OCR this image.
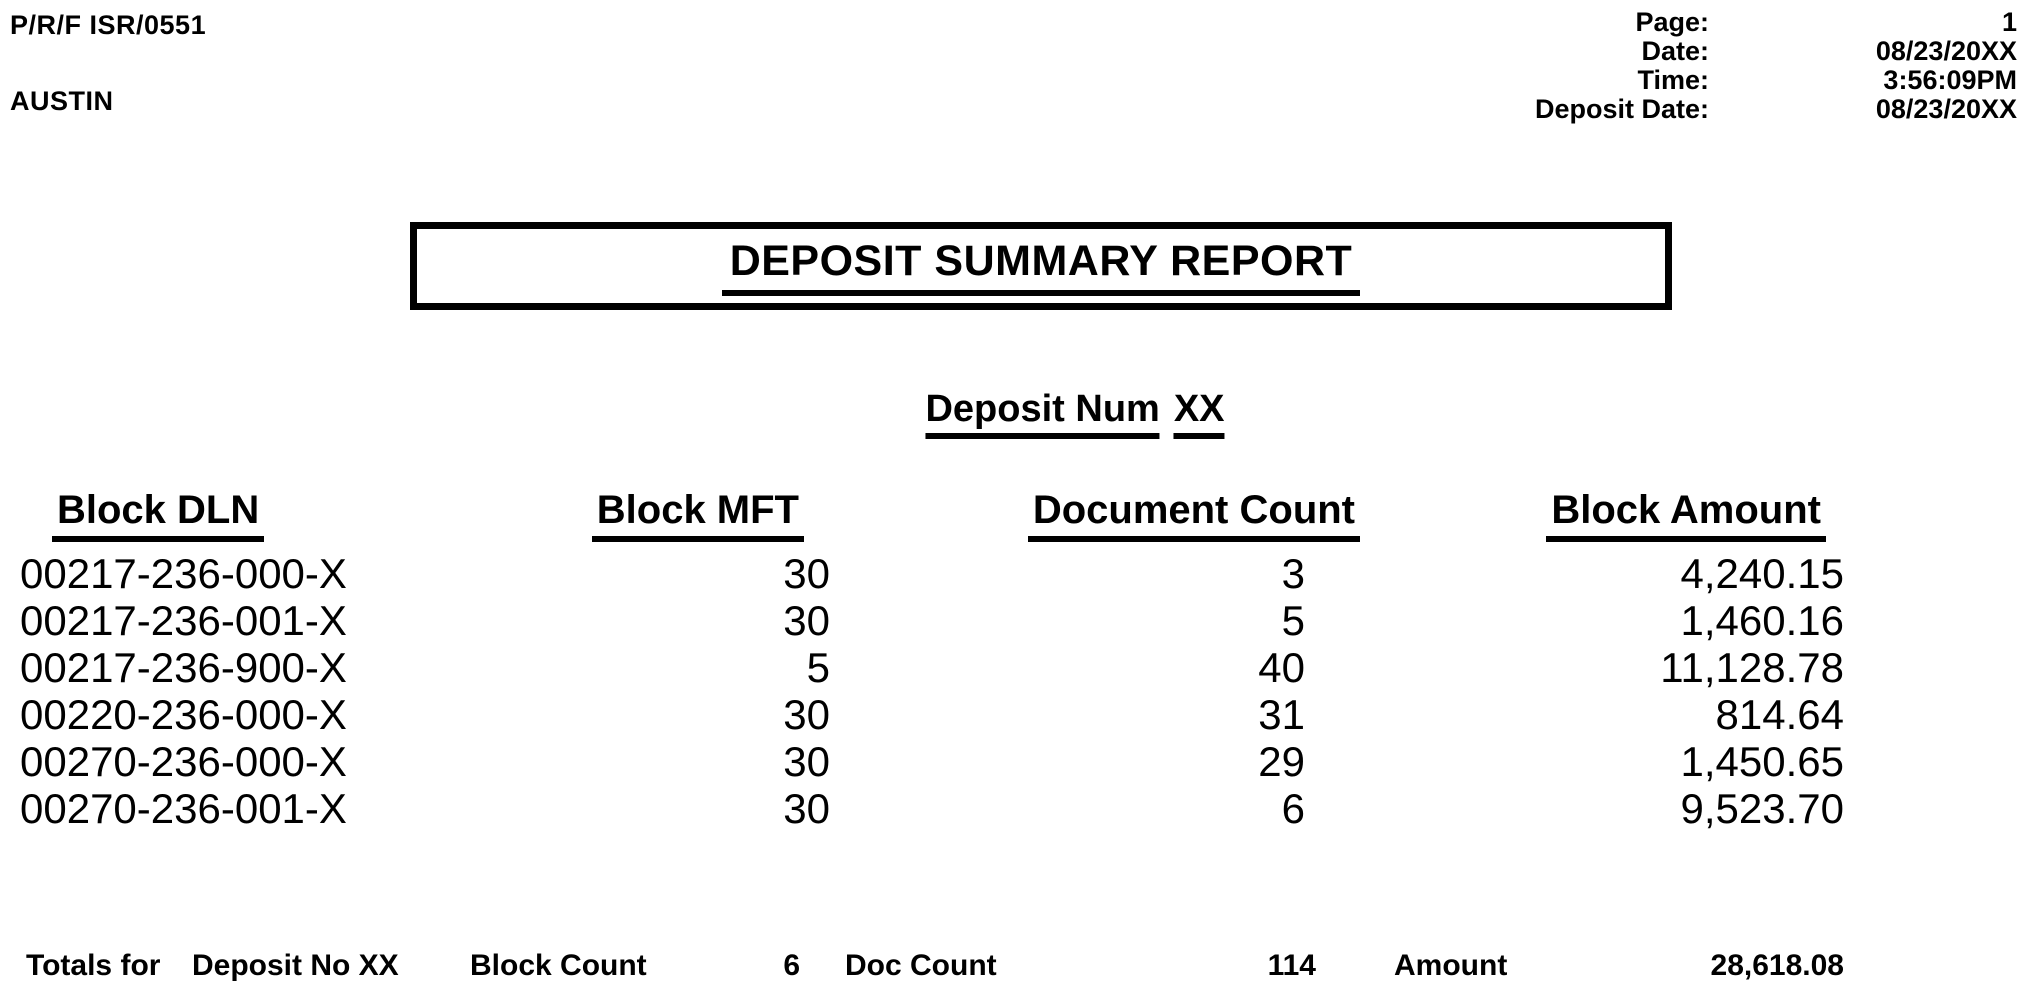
P/R/F ISR/0551
AUSTIN
Page:	1
Date:	08/23/20XX
Time:	3:56:09PM
Deposit Date:	08/23/20XX
DEPOSIT SUMMARY REPORT
Deposit Num XX
Block DLN	Block MFT	Document Count	Block Amount
00217-236-000-X	30	3	4,240.15
00217-236-001-X	30	5	1,460.16
00217-236-900-X	5	40	11,128.78
00220-236-000-X	30	31	814.64
00270-236-000-X	30	29	1,450.65
00270-236-001-X	30	6	9,523.70
Totals for Deposit No XX Block Count	6 Doc Count	114	Amount	28,618.08
